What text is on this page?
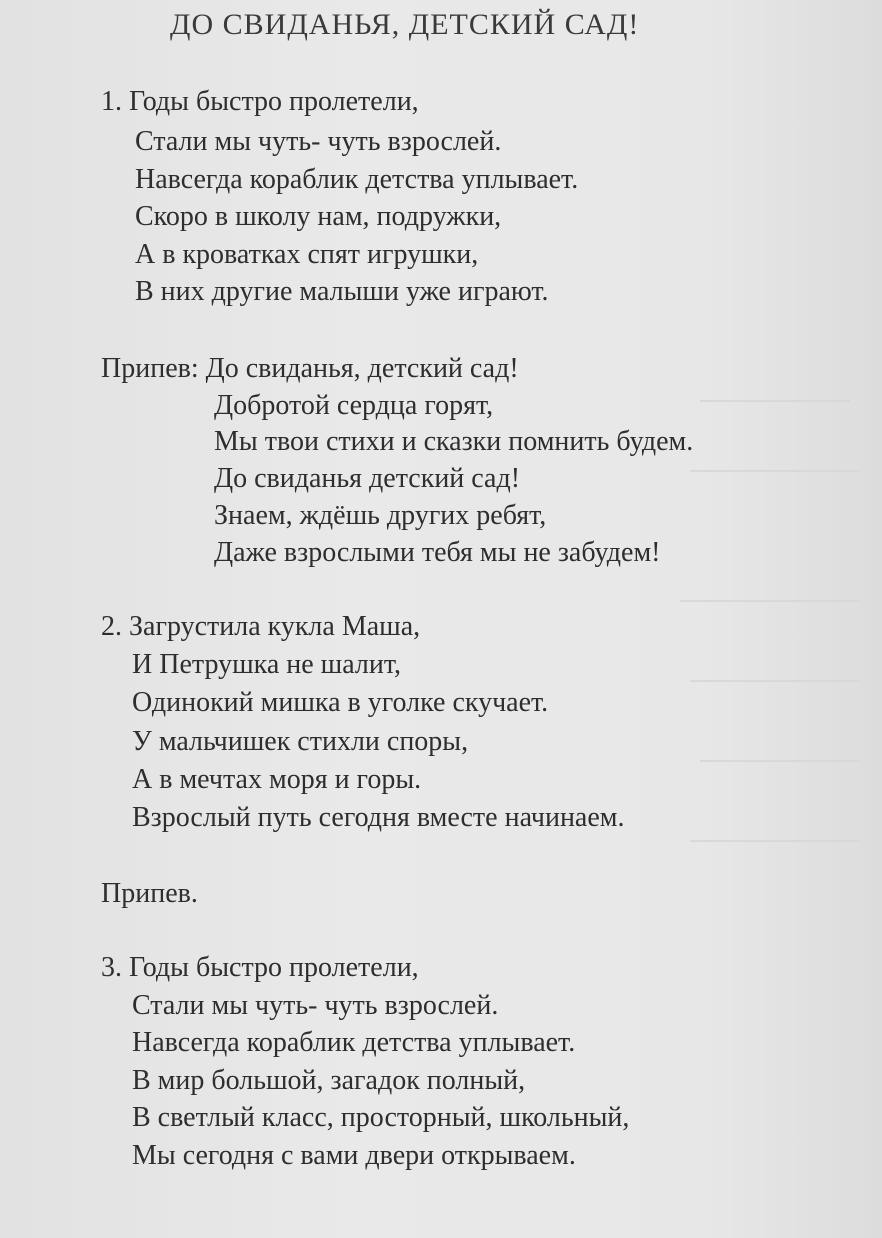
ДО СВИДАНЬЯ, ДЕТСКИЙ САД!
1. Годы быстро пролетели,
Стали мы чуть- чуть взрослей.
Навсегда кораблик детства уплывает.
Скоро в школу нам, подружки,
А в кроватках спят игрушки,
В них другие малыши уже играют.
Припев: До свиданья, детский сад!
Добротой сердца горят,
Мы твои стихи и сказки помнить будем.
До свиданья детский сад!
Знаем, ждёшь других ребят,
Даже взрослыми тебя мы не забудем!
2. Загрустила кукла Маша,
И Петрушка не шалит,
Одинокий мишка в уголке скучает.
У мальчишек стихли споры,
А в мечтах моря и горы.
Взрослый путь сегодня вместе начинаем.
Припев.
3. Годы быстро пролетели,
Стали мы чуть- чуть взрослей.
Навсегда кораблик детства уплывает.
В мир большой, загадок полный,
В светлый класс, просторный, школьный,
Мы сегодня с вами двери открываем.
